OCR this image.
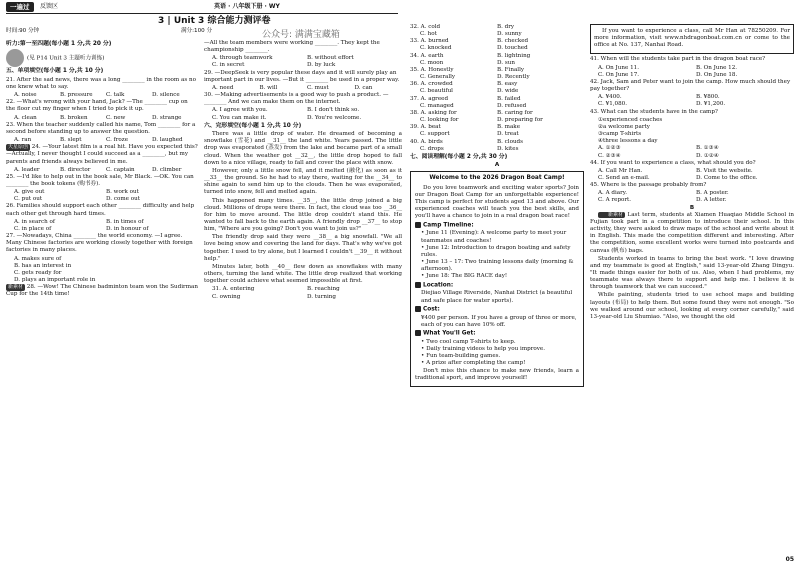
一遍过	反馈区	英语 · 八年级下册 · WY
3 | Unit 3 综合能力测评卷
公众号: 满满宝藏箱
时间:90 分钟	满分:100 分
听力:第一至四题(每小题 1 分,共 20 分)
(见 P14 Unit 3 主题听力训练)
五、单项填空(每小题 1 分,共 10 分)
21. After the sad news, there was a long ________ in the room as no one knew what to say.
A. noise	B. pressure	C. talk	D. silence
22. —What's wrong with your hand, Jack? —The ________ cup on the floor cut my finger when I tried to pick it up.
A. clean	B. broken	C. new	D. strange
23. When the teacher suddenly called his name, Tom ________ for a second before standing up to answer the question.
A. ran	B. slept	C. froze	D. laughed
天星原创 24. —Your latest film is a real hit. Have you expected this? —Actually, I never thought I could succeed as a ________, but my parents and friends always believed in me.
A. leader	B. director	C. captain	D. climber
25. —I'd like to help out in the book sale, Mr Black. —OK. You can ________ the book tokens (购书券).
A. give out	B. work out
C. put out	D. come out
26. Families should support each other ________ difficulty and help each other get through hard times.
A. in search of	B. in times of
C. in place of	D. in honour of
27. —Nowadays, China ________ the world economy. —I agree. Many Chinese factories are working closely together with foreign factories in many places.
A. makes sure of
B. has an interest in
C. gets ready for
D. plays an important role in
新素材 28. —Wow! The Chinese badminton team won the Sudirman Cup for the 14th time!
—All the team members were working ________. They kept the championship ________.
A. through teamwork	B. without effort
C. in secret	D. by luck
29. —DeepSeek is very popular these days and it will surely play an important part in our lives. —But it ________ be used in a proper way.
A. need	B. will	C. must	D. can
30. —Making advertisements is a good way to push a product. —________ And we can make them on the internet.
A. I agree with you.	B. I don't think so.
C. You can make it.	D. You're welcome.
六、完形填空(每小题 1 分,共 10 分)
There was a little drop of water. He dreamed of becoming a snowflake (雪花) and __31__ the land white. Years passed. The little drop was evaporated (蒸发) from the lake and became part of a small cloud. When the weather got __32__, the little drop hoped to fall down to a nice village, ready to fall and cover the place with snow.
However, only a little snow fell, and it melted (融化) as soon as it __33__ the ground. So he had to stay there, waiting for the __34__ to shine again to send him up to the clouds. Then he was evaporated, turned into snow, fell and melted again.
This happened many times. __35__, the little drop joined a big cloud. Millions of drops were there. In fact, the cloud was too __36__ for him to move around. The little drop couldn't stand this. He wanted to fall back to the earth again. A friendly drop __37__ to stop him, "Where are you going? Don't you want to join us?"
The friendly drop said they were __38__ a big snowfall. "We all love being snow and covering the land for days. That's why we've got together. I used to try alone, but I learned I couldn't __39__ it without help."
Minutes later, both __40__ flew down as snowflakes with many others, turning the land white. The little drop realized that working together could achieve what seemed impossible at first.
31. A. entering	B. reaching
C. owning	D. turning
32. A. cold	B. dry
C. hot	D. sunny
33. A. burned	B. checked
C. knocked	D. touched
34. A. earth	B. lightning
C. moon	D. sun
35. A. Honestly	B. Finally
C. Generally	D. Recently
36. A. crowded	B. easy
C. beautiful	D. wide
37. A. agreed	B. failed
C. managed	D. refused
38. A. asking for	B. caring for
C. looking for	D. preparing for
39. A. beat	B. make
C. support	D. treat
40. A. birds	B. clouds
C. drops	D. kites
七、阅读理解(每小题 2 分,共 30 分)
A
Welcome to the 2026 Dragon Boat Camp!
Do you love teamwork and exciting water sports? Join our Dragon Boat Camp for an unforgettable experience! This camp is perfect for students aged 13 and above. Our experienced coaches will teach you the best skills, and you'll have a chance to join in a real dragon boat race!
Camp Timeline:
• June 11 (Evening): A welcome party to meet your teammates and coaches!
• June 12: Introduction to dragon boating and safety rules.
• June 13 – 17: Two training lessons daily (morning & afternoon).
• June 18: The BIG RACE day!
Location:
Diejiao Village Riverside, Nanhai District (a beautiful and safe place for water sports).
Cost:
¥400 per person. If you have a group of three or more, each of you can have 10% off.
What You'll Get:
• Two cool camp T-shirts to keep.
• Daily training videos to help you improve.
• Fun team-building games.
• A prize after completing the camp!
Don't miss this chance to make new friends, learn a traditional sport, and improve yourself!
If you want to experience a class, call Mr Han at 78250209. For more information, visit www.nhdragonboat.com.cn or come to the office at No. 137, Nanhai Road.
41. When will the students take part in the dragon boat race?
A. On June 11.	B. On June 12.
C. On June 17.	D. On June 18.
42. Jack, Sam and Peter want to join the camp. How much should they pay together?
A. ¥400.	B. ¥800.
C. ¥1,080.	D. ¥1,200.
43. What can the students have in the camp?
①experienced coaches
②a welcome party
③camp T-shirts
④three lessons a day
A. ①②③	B. ①③④
C. ②③④	D. ①②④
44. If you want to experience a class, what should you do?
A. Call Mr Han.	B. Visit the website.
C. Send an e-mail.	D. Come to the office.
45. Where is the passage probably from?
A. A diary.	B. A poster.
C. A report.	D. A letter.
B
新素材 Last term, students at Xiamen Huaqiao Middle School in Fujian took part in a competition to introduce their school. In this activity, they were asked to draw maps of the school and write about it in English. This made the competition different and interesting. After the competition, some excellent works were turned into postcards and canvas (帆布) bags.
Students worked in teams to bring the best work. "I love drawing and my teammate is good at English," said 13-year-old Zhang Dingyu. "It made things easier for both of us. Also, when I had problems, my teammate was always there to support and help me. I believe it is through teamwork that we can succeed."
While painting, students tried to use school maps and building layouts (布局) to help them. But some found they were not enough. "So we walked around our school, looking at every corner carefully," said 13-year-old Liu Shumiao. "Also, we thought the old
05
